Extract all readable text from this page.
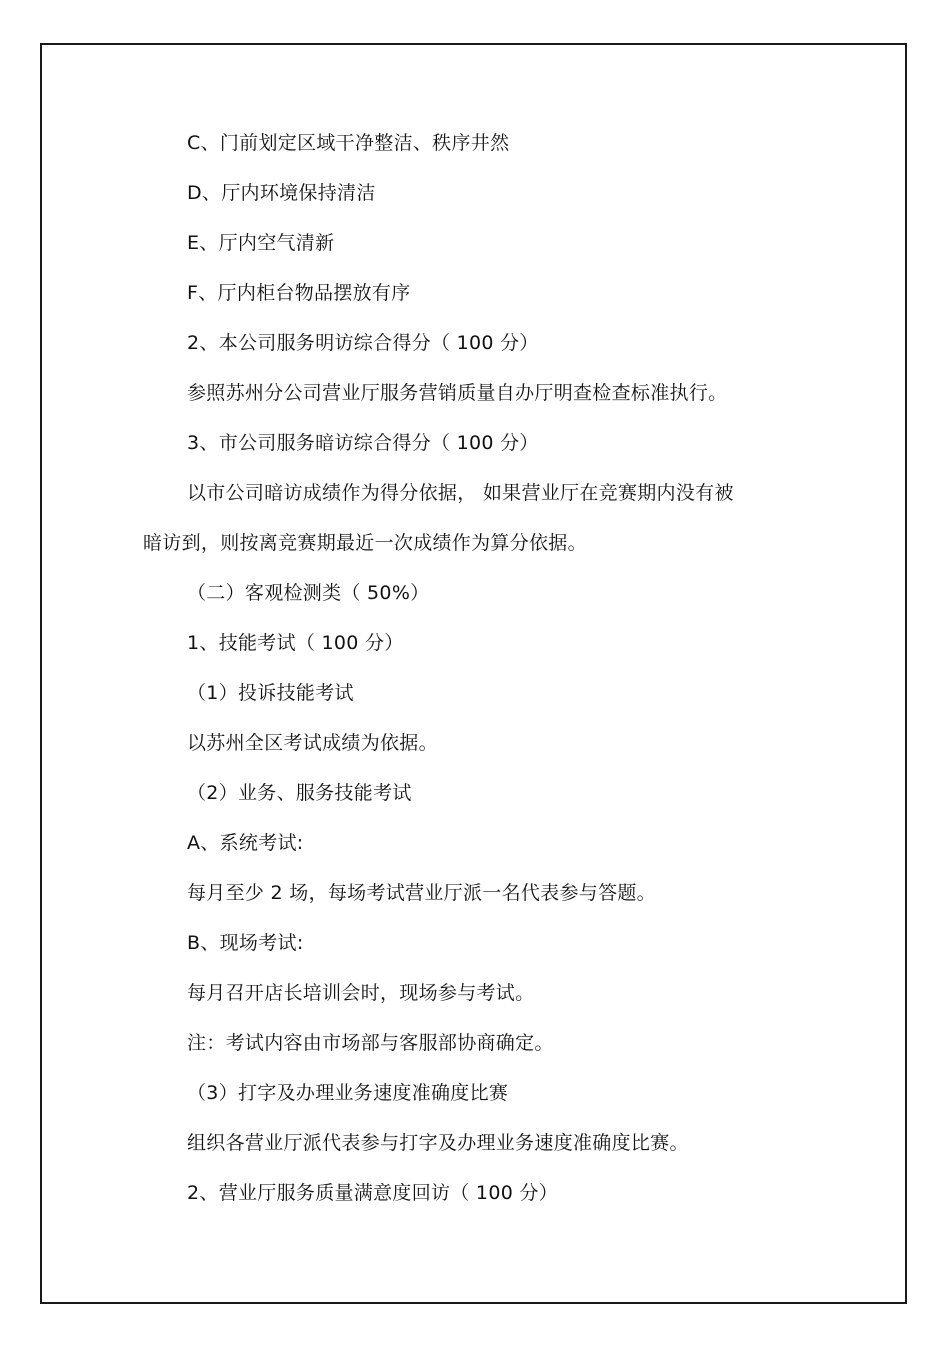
C、门前划定区域干净整洁、秩序井然
D、厅内环境保持清洁
E、厅内空气清新
F、厅内柜台物品摆放有序
2、本公司服务明访综合得分（ 100 分）
参照苏州分公司营业厅服务营销质量自办厅明查检查标准执行。
3、市公司服务暗访综合得分（ 100 分）
以市公司暗访成绩作为得分依据， 如果营业厅在竞赛期内没有被
暗访到，则按离竞赛期最近一次成绩作为算分依据。
（二）客观检测类（ 50%）
1、技能考试（ 100 分）
（1）投诉技能考试
以苏州全区考试成绩为依据。
（2）业务、服务技能考试
A、系统考试:
每月至少 2 场，每场考试营业厅派一名代表参与答题。
B、现场考试:
每月召开店长培训会时，现场参与考试。
注：考试内容由市场部与客服部协商确定。
（3）打字及办理业务速度准确度比赛
组织各营业厅派代表参与打字及办理业务速度准确度比赛。
2、营业厅服务质量满意度回访（ 100 分）
